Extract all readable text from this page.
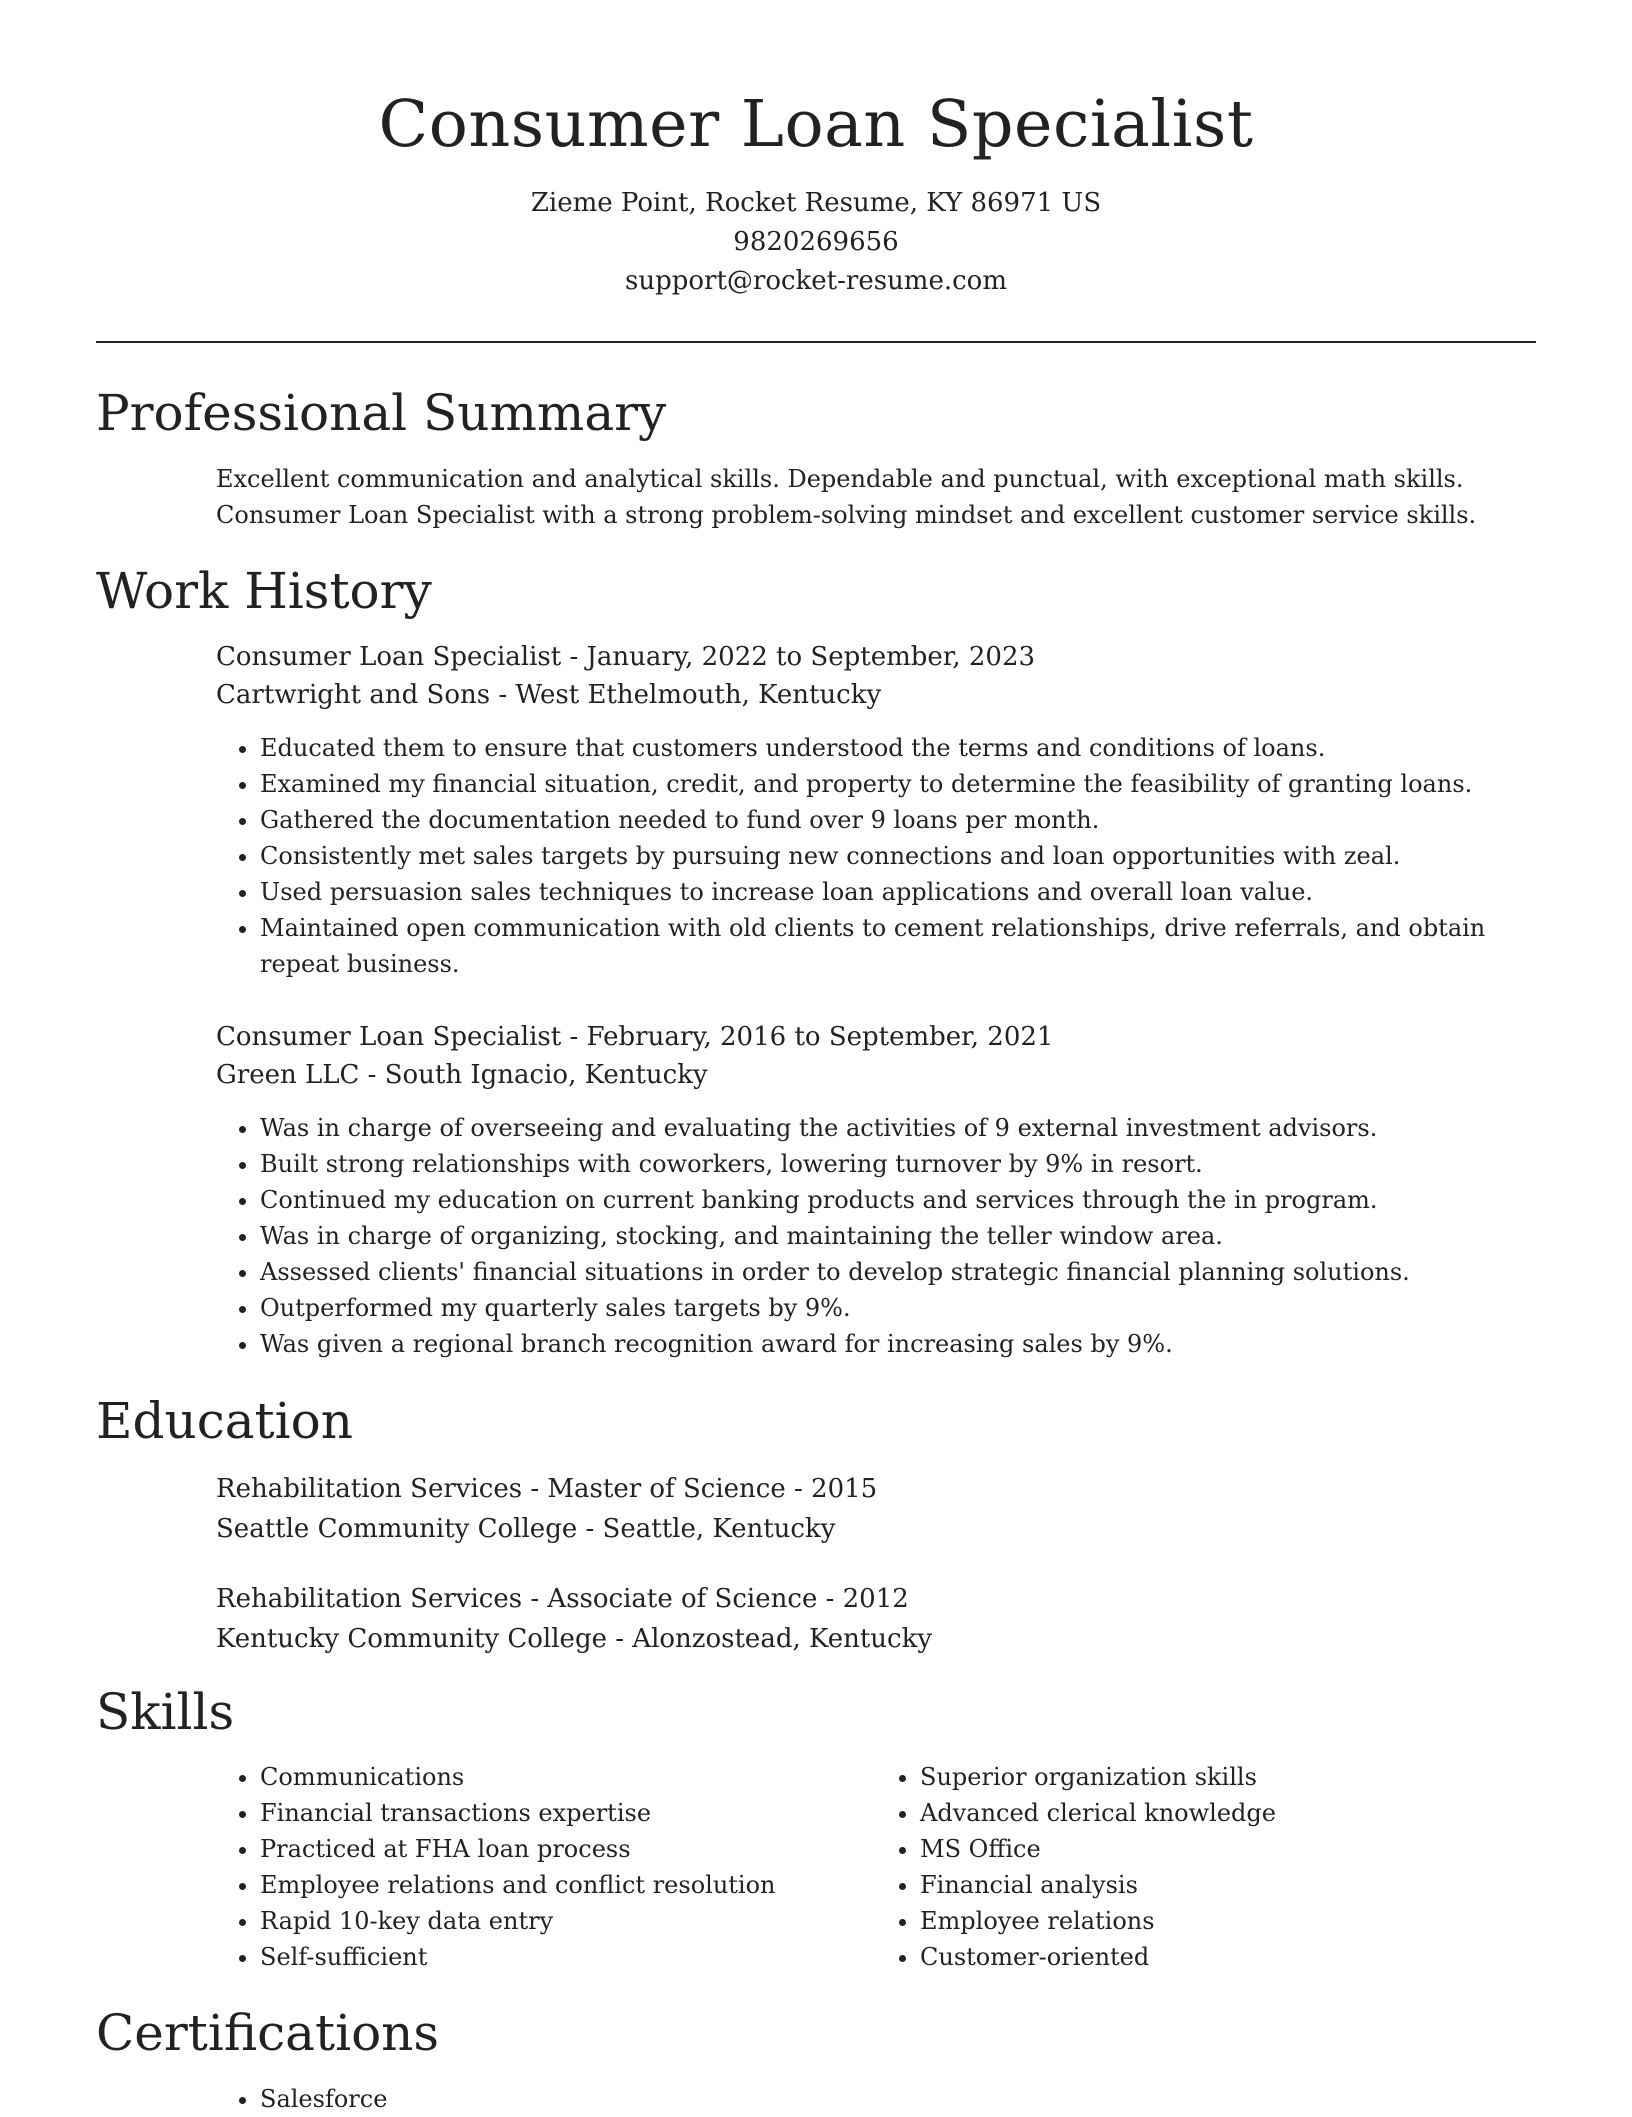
Consumer Loan Specialist
Zieme Point, Rocket Resume, KY 86971 US
9820269656
support@rocket-resume.com
Professional Summary
Excellent communication and analytical skills. Dependable and punctual, with exceptional math skills.
Consumer Loan Specialist with a strong problem-solving mindset and excellent customer service skills.
Work History
Consumer Loan Specialist - January, 2022 to September, 2023
Cartwright and Sons - West Ethelmouth, Kentucky
• Educated them to ensure that customers understood the terms and conditions of loans.
• Examined my financial situation, credit, and property to determine the feasibility of granting loans.
• Gathered the documentation needed to fund over 9 loans per month.
• Consistently met sales targets by pursuing new connections and loan opportunities with zeal.
• Used persuasion sales techniques to increase loan applications and overall loan value.
• Maintained open communication with old clients to cement relationships, drive referrals, and obtain repeat business.
Consumer Loan Specialist - February, 2016 to September, 2021
Green LLC - South Ignacio, Kentucky
• Was in charge of overseeing and evaluating the activities of 9 external investment advisors.
• Built strong relationships with coworkers, lowering turnover by 9% in resort.
• Continued my education on current banking products and services through the in program.
• Was in charge of organizing, stocking, and maintaining the teller window area.
• Assessed clients' financial situations in order to develop strategic financial planning solutions.
• Outperformed my quarterly sales targets by 9%.
• Was given a regional branch recognition award for increasing sales by 9%.
Education
Rehabilitation Services - Master of Science - 2015
Seattle Community College - Seattle, Kentucky
Rehabilitation Services - Associate of Science - 2012
Kentucky Community College - Alonzostead, Kentucky
Skills
• Communications
• Financial transactions expertise
• Practiced at FHA loan process
• Employee relations and conflict resolution
• Rapid 10-key data entry
• Self-sufficient
• Superior organization skills
• Advanced clerical knowledge
• MS Office
• Financial analysis
• Employee relations
• Customer-oriented
Certifications
• Salesforce
